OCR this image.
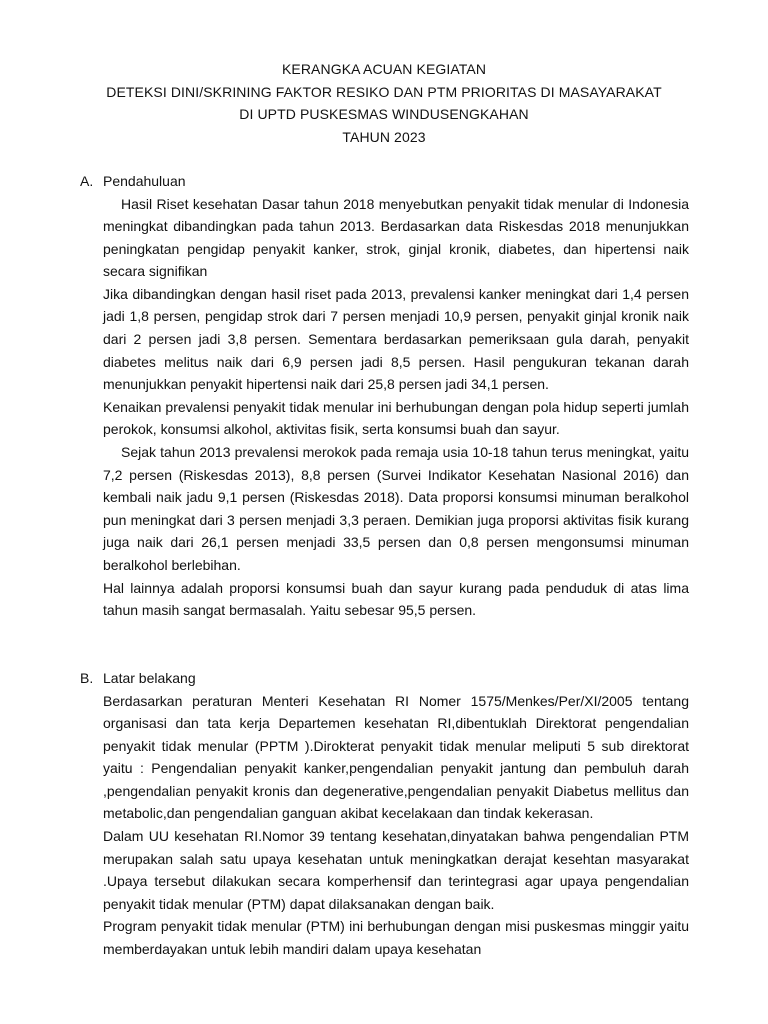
KERANGKA ACUAN KEGIATAN
DETEKSI DINI/SKRINING FAKTOR RESIKO DAN PTM PRIORITAS DI MASAYARAKAT
DI UPTD PUSKESMAS WINDUSENGKAHAN
TAHUN 2023
A. Pendahuluan

Hasil Riset kesehatan Dasar tahun 2018 menyebutkan penyakit tidak menular di Indonesia meningkat dibandingkan pada tahun 2013. Berdasarkan data Riskesdas 2018 menunjukkan peningkatan pengidap penyakit kanker, strok, ginjal kronik, diabetes, dan hipertensi naik secara signifikan

Jika dibandingkan dengan hasil riset pada 2013, prevalensi kanker meningkat dari 1,4 persen jadi 1,8 persen, pengidap strok dari 7 persen menjadi 10,9 persen, penyakit ginjal kronik naik dari 2 persen jadi 3,8 persen. Sementara berdasarkan pemeriksaan gula darah, penyakit diabetes melitus naik dari 6,9 persen jadi 8,5 persen. Hasil pengukuran tekanan darah menunjukkan penyakit hipertensi naik dari 25,8 persen jadi 34,1 persen.

Kenaikan prevalensi penyakit tidak menular ini berhubungan dengan pola hidup seperti jumlah perokok, konsumsi alkohol, aktivitas fisik, serta konsumsi buah dan sayur.

Sejak tahun 2013 prevalensi merokok pada remaja usia 10-18 tahun terus meningkat, yaitu 7,2 persen (Riskesdas 2013), 8,8 persen (Survei Indikator Kesehatan Nasional 2016) dan kembali naik jadu 9,1 persen (Riskesdas 2018). Data proporsi konsumsi minuman beralkohol pun meningkat dari 3 persen menjadi 3,3 peraen. Demikian juga proporsi aktivitas fisik kurang juga naik dari 26,1 persen menjadi 33,5 persen dan 0,8 persen mengonsumsi minuman beralkohol berlebihan.

Hal lainnya adalah proporsi konsumsi buah dan sayur kurang pada penduduk di atas lima tahun masih sangat bermasalah. Yaitu sebesar 95,5 persen.

B. Latar belakang

Berdasarkan peraturan Menteri Kesehatan RI Nomer 1575/Menkes/Per/XI/2005 tentang organisasi dan tata kerja Departemen kesehatan RI,dibentuklah Direktorat pengendalian penyakit tidak menular (PPTM ).Dirokterat penyakit tidak menular meliputi 5 sub direktorat yaitu : Pengendalian penyakit kanker,pengendalian penyakit jantung dan pembuluh darah ,pengendalian penyakit kronis dan degenerative,pengendalian penyakit Diabetus mellitus dan metabolic,dan pengendalian ganguan akibat kecelakaan dan tindak kekerasan.

Dalam UU kesehatan RI.Nomor 39 tentang kesehatan,dinyatakan bahwa pengendalian PTM merupakan salah satu upaya kesehatan untuk meningkatkan derajat kesehtan masyarakat .Upaya tersebut dilakukan secara komperhensif dan terintegrasi agar upaya pengendalian penyakit tidak menular (PTM) dapat dilaksanakan dengan baik.

Program penyakit tidak menular (PTM) ini berhubungan dengan misi puskesmas minggir yaitu memberdayakan untuk lebih mandiri dalam upaya kesehatan
